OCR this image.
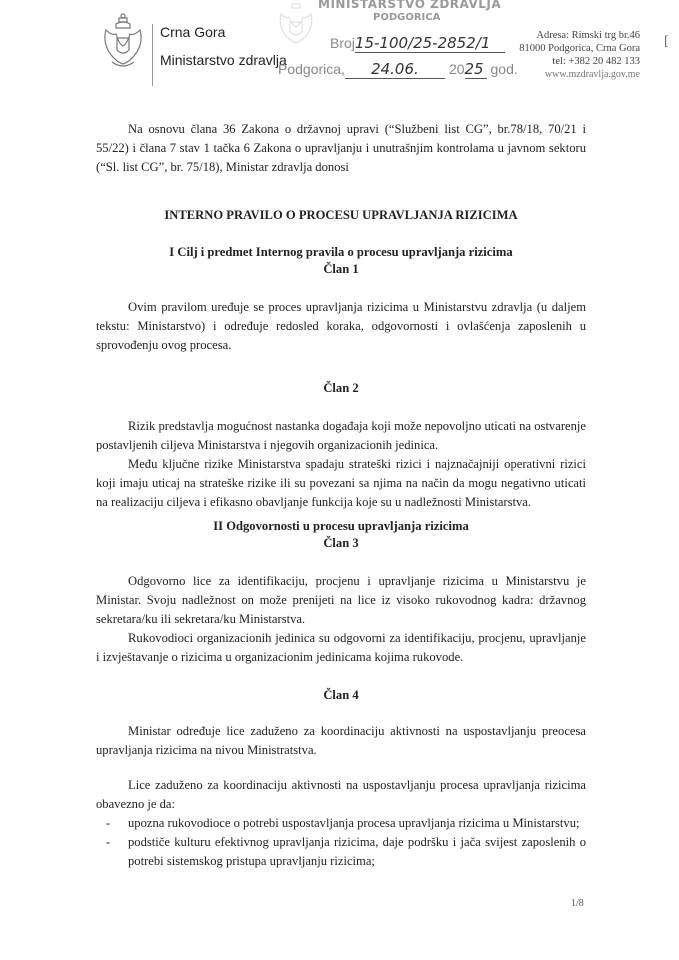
Crna Gora
Ministarstvo zdravlja
MINISTARSTVO ZDRAVLJA
PODGORICA
Broj15-100/25-2852/1
Podgorica, 24.06. 2025 god.
Adresa: Rimski trg br.46
81000 Podgorica, Crna Gora
tel: +382 20 482 133
www.mzdravlja.gov.me
[
Na osnovu člana 36 Zakona o državnoj upravi (“Službeni list CG”, br.78/18, 70/21 i 55/22) i člana 7 stav 1 tačka 6 Zakona o upravljanju i unutrašnjim kontrolama u javnom sektoru (“Sl. list CG”, br. 75/18), Ministar zdravlja donosi
INTERNO PRAVILO O PROCESU UPRAVLJANJA RIZICIMA
I Cilj i predmet Internog pravila o procesu upravljanja rizicima
Član 1
Ovim pravilom uređuje se proces upravljanja rizicima u Ministarstvu zdravlja (u daljem tekstu: Ministarstvo) i određuje redosled koraka, odgovornosti i ovlašćenja zaposlenih u sprovođenju ovog procesa.
Član 2
Rizik predstavlja mogućnost nastanka događaja koji može nepovoljno uticati na ostvarenje postavljenih ciljeva Ministarstva i njegovih organizacionih jedinica.
Među ključne rizike Ministarstva spadaju strateški rizici i najznačajniji operativni rizici koji imaju uticaj na strateške rizike ili su povezani sa njima na način da mogu negativno uticati na realizaciju ciljeva i efikasno obavljanje funkcija koje su u nadležnosti Ministarstva.
II Odgovornosti u procesu upravljanja rizicima
Član 3
Odgovorno lice za identifikaciju, procjenu i upravljanje rizicima u Ministarstvu je Ministar. Svoju nadležnost on može prenijeti na lice iz visoko rukovodnog kadra: državnog sekretara/ku ili sekretara/ku Ministarstva.
Rukovodioci organizacionih jedinica su odgovorni za identifikaciju, procjenu, upravljanje i izvještavanje o rizicima u organizacionim jedinicama kojima rukovode.
Član 4
Ministar određuje lice zaduženo za koordinaciju aktivnosti na uspostavljanju preocesa upravljanja rizicima na nivou Ministratstva.
Lice zaduženo za koordinaciju aktivnosti na uspostavljanju procesa upravljanja rizicima obavezno je da:
- upozna rukovodioce o potrebi uspostavljanja procesa upravljanja rizicima u Ministarstvu;
- podstiče kulturu efektivnog upravljanja rizicima, daje podršku i jača svijest zaposlenih o potrebi sistemskog pristupa upravljanju rizicima;
1/8
